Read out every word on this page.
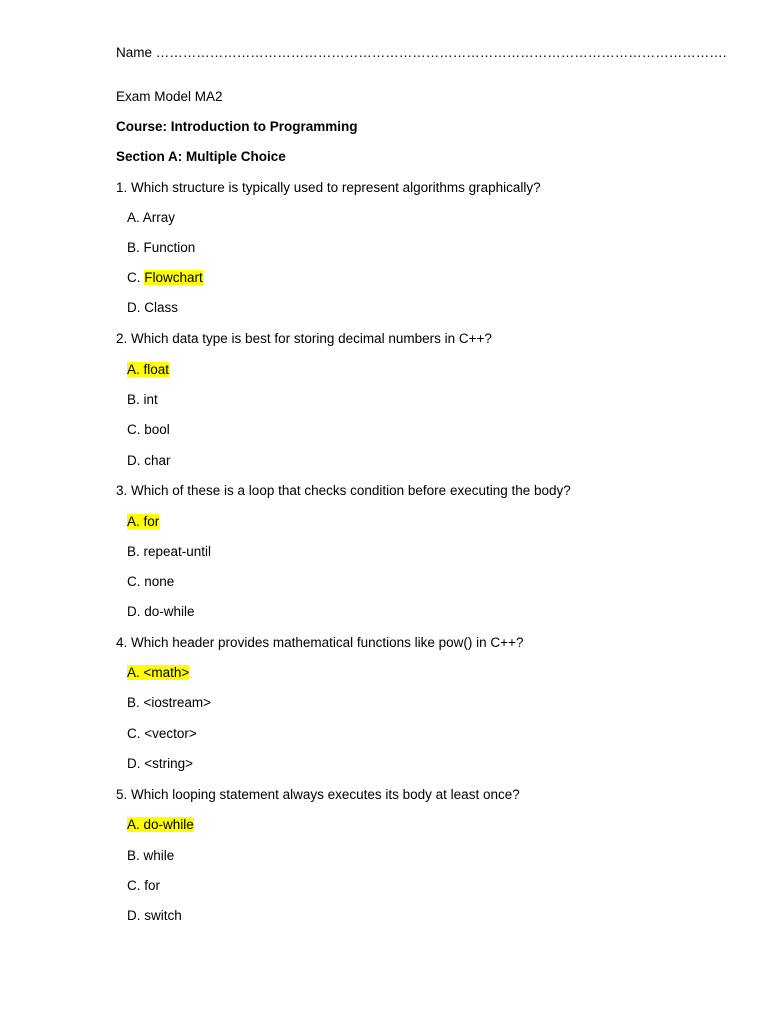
Name ……………………………………………………………………………………………………………….
Exam Model MA2
Course: Introduction to Programming
Section A: Multiple Choice
1. Which structure is typically used to represent algorithms graphically?
A. Array
B. Function
C. Flowchart
D. Class
2. Which data type is best for storing decimal numbers in C++?
A. float
B. int
C. bool
D. char
3. Which of these is a loop that checks condition before executing the body?
A. for
B. repeat-until
C. none
D. do-while
4. Which header provides mathematical functions like pow() in C++?
A. <math>
B. <iostream>
C. <vector>
D. <string>
5. Which looping statement always executes its body at least once?
A. do-while
B. while
C. for
D. switch
